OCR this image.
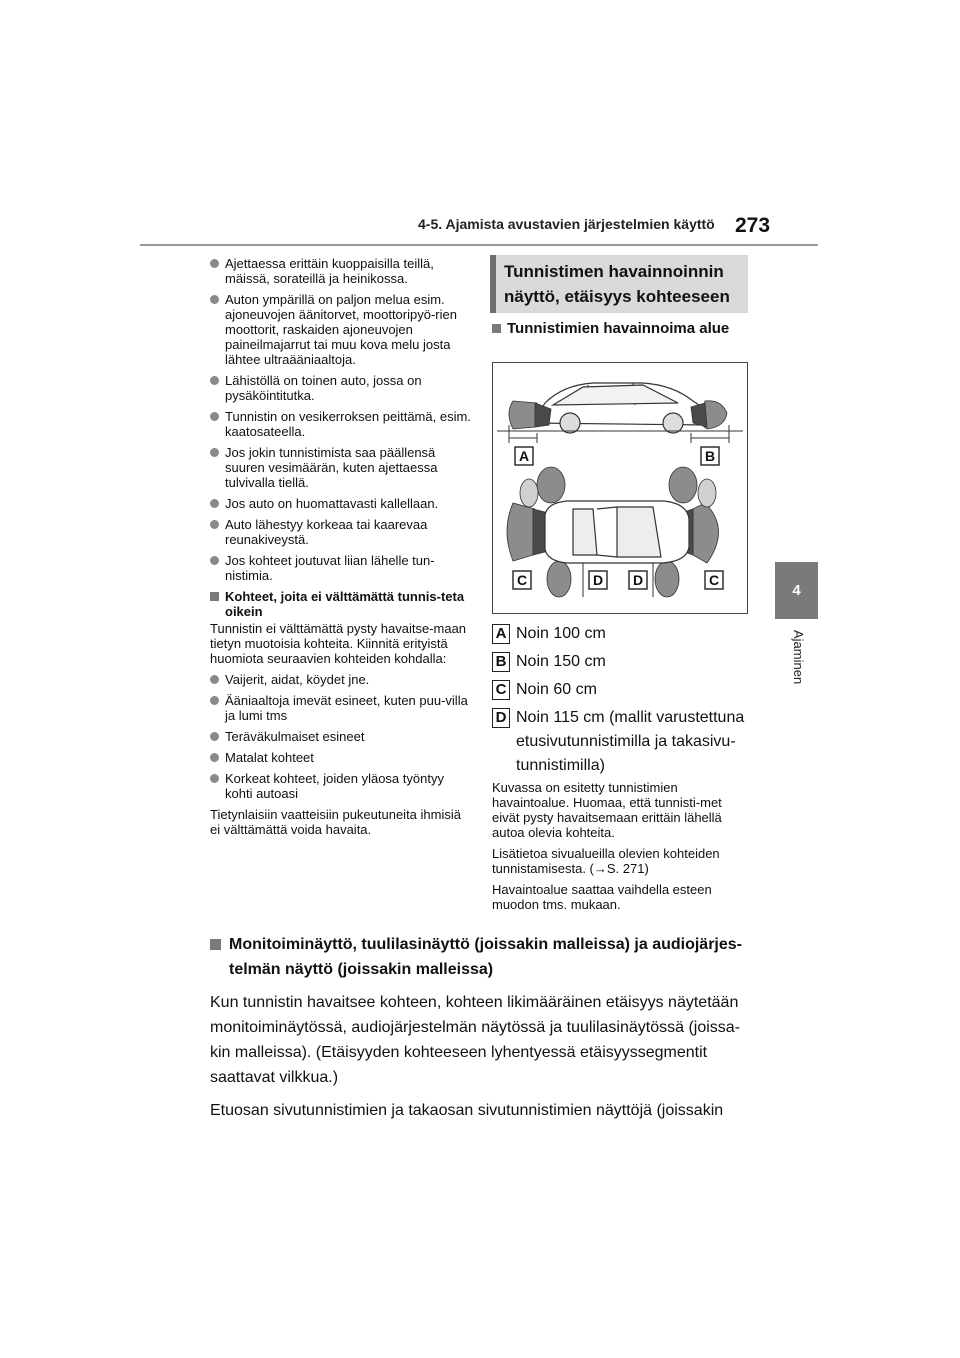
4-5. Ajamista avustavien järjestelmien käyttö 273
4
Ajaminen
Ajettaessa erittäin kuoppaisilla teillä, mäissä, sorateillä ja heinikossa.
Auton ympärillä on paljon melua esim. ajoneuvojen äänitorvet, moottoripyö-rien moottorit, raskaiden ajoneuvojen paineilmajarrut tai muu kova melu josta lähtee ultraääniaaltoja.
Lähistöllä on toinen auto, jossa on pysäköintitutka.
Tunnistin on vesikerroksen peittämä, esim. kaatosateella.
Jos jokin tunnistimista saa päällensä suuren vesimäärän, kuten ajettaessa tulvivalla tiellä.
Jos auto on huomattavasti kallellaan.
Auto lähestyy korkeaa tai kaarevaa reunakiveystä.
Jos kohteet joutuvat liian lähelle tun-nistimia.
Kohteet, joita ei välttämättä tunnis-teta oikein
Tunnistin ei välttämättä pysty havaitse-maan tietyn muotoisia kohteita. Kiinnitä erityistä huomiota seuraavien kohteiden kohdalla:
Vaijerit, aidat, köydet jne.
Ääniaaltoja imevät esineet, kuten puu-villa ja lumi tms
Teräväkulmaiset esineet
Matalat kohteet
Korkeat kohteet, joiden yläosa työntyy kohti autoasi
Tietynlaisiin vaatteisiin pukeutuneita ihmisiä ei välttämättä voida havaita.
Tunnistimen havainnoinnin näyttö, etäisyys kohteeseen
Tunnistimien havainnoima alue
A	B
C	D D	C
A Noin 100 cm
B Noin 150 cm
C Noin 60 cm
D Noin 115 cm (mallit varustettuna etusivutunnistimilla ja takasivu-tunnistimilla)
Kuvassa on esitetty tunnistimien havaintoalue. Huomaa, että tunnisti-met eivät pysty havaitsemaan erittäin lähellä autoa olevia kohteita.
Lisätietoa sivualueilla olevien kohteiden tunnistamisesta. (→S. 271)
Havaintoalue saattaa vaihdella esteen muodon tms. mukaan.
Monitoiminäyttö, tuulilasinäyttö (joissakin malleissa) ja audiojärjes-telmän näyttö (joissakin malleissa)
Kun tunnistin havaitsee kohteen, kohteen likimääräinen etäisyys näytetään monitoiminäytössä, audiojärjestelmän näytössä ja tuulilasinäytössä (joissa-kin malleissa). (Etäisyyden kohteeseen lyhentyessä etäisyyssegmentit saattavat vilkkua.)
Etuosan sivutunnistimien ja takaosan sivutunnistimien näyttöjä (joissakin
